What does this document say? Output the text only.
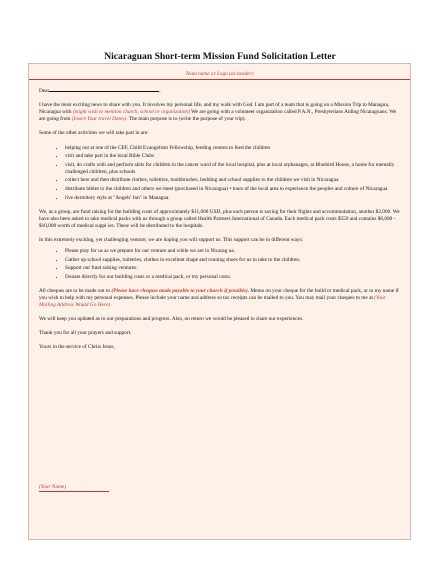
Nicaraguan Short-term Mission Fund Solicitation Letter
Team name or Logo (as header)

Dear	,

I have the most exciting news to share with you. It involves my personal life, and my walk with God. I am part of a team that is going on a Mission Trip to Managua, Nicaragua with (might wish to mention church, school or organization) We are going with a volunteer organization called P.A.N., Presbyterians Aiding Nicaraguans. We are going from (Insert Your travel Dates). The main purpose is to (write the purpose of your trip).

Some of the other activities we will take part in are:

• helping out at one of the CEF, Child Evangelism Fellowship, feeding centres to feed the children
• visit and take part in the local Bible Clubs
• visit, do crafts with and perform skits for children in the cancer ward of the local hospital, plus at local orphanages, at Bluebird House, a home for mentally challenged children, plus schools
• collect here and then distribute clothes, toiletries, toothbrushes, bedding and school supplies to the children we visit in Nicaragua
• distribute bibles to the children and others we meet (purchased in Nicaragua) • tours of the local area to experience the peoples and culture of Nicaragua
• live dormitory style at "Angels' Inn" in Managua.

We, as a group, are fund raising for the building costs of approximately $11,000 USD, plus each person is saving for their flights and accommodation, another $2,000. We have also been asked to take medical packs with us through a group called Health Partners International of Canada. Each medical pack costs $550 and contains $6,000 - $10,000 worth of medical suppl ies. These will be distributed to the hospitals.

In this extremely exciting, yet challenging venture, we are hoping you will support us. This support can be in different ways:

• Please pray for us as we prepare for our venture and while we are in Nicarag ua.
• Gather up school supplies, toiletries, clothes in excellent shape and running shoes for us to take to the children.
• Support our fund raising ventures:
• Donate directly for our building costs or a medical pack, or my personal costs.

All cheques are to be made out to (Please have cheques made payable to your church if possible). Memo on your cheque for the build or medical pack, or to my name if you wish to help with my personal expenses. Please include your name and address so tax receipts can be mailed to you. You may mail your cheques to me at (Your Mailing Address Would Go Here).

We will keep you updated as to our preparations and progress. Also, on return we would be pleased to share our experiences.

Thank you for all your prayers and support.

Yours in the service of Christ Jesus,

(Your Name)
